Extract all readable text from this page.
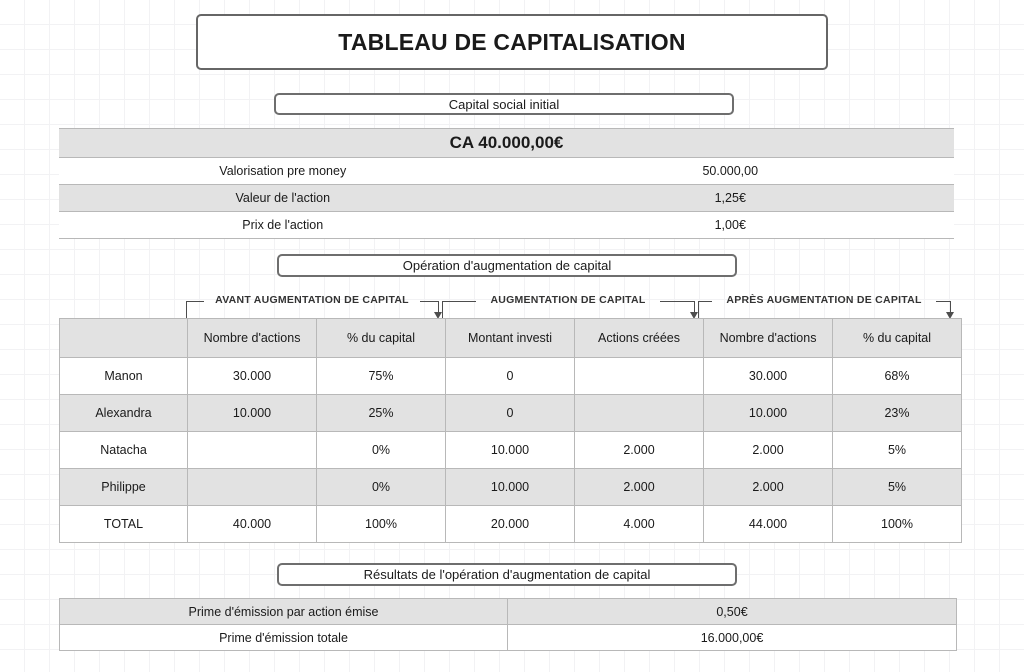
TABLEAU DE CAPITALISATION
Capital social initial
CA 40.000,00€	
Valorisation pre money	50.000,00
Valeur de l'action	1,25€
Prix de l'action	1,00€
Opération d'augmentation de capital
AVANT AUGMENTATION DE CAPITAL	AUGMENTATION DE CAPITAL	APRÈS AUGMENTATION DE CAPITAL
	Nombre d'actions	% du capital	Montant investi	Actions créées	Nombre d'actions	% du capital
Manon	30.000	75%	0		30.000	68%
Alexandra	10.000	25%	0		10.000	23%
Natacha		0%	10.000	2.000	2.000	5%
Philippe		0%	10.000	2.000	2.000	5%
TOTAL	40.000	100%	20.000	4.000	44.000	100%
Résultats de l'opération d'augmentation de capital
Prime d'émission par action émise	0,50€
Prime d'émission totale	16.000,00€
